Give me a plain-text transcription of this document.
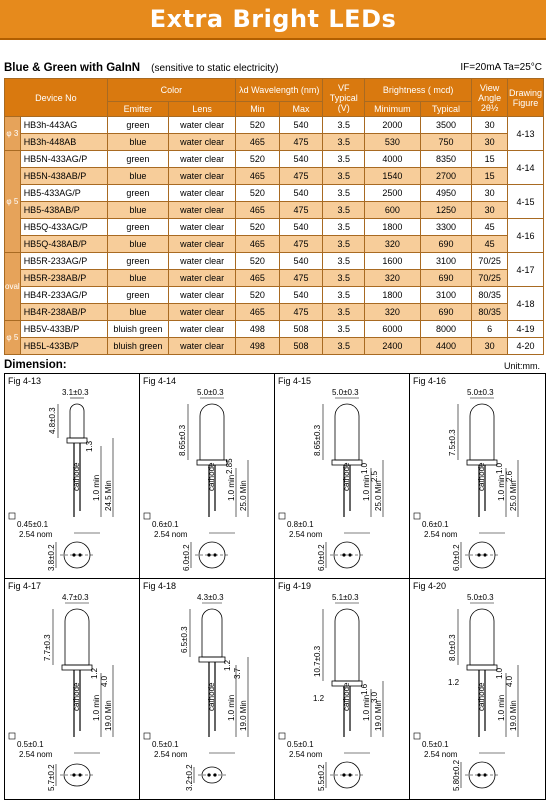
Extra Bright LEDs
Blue & Green with GaInN (sensitive to static electricity)	IF=20mA Ta=25°C
Device No		Color		λd Wavelength (nm)		VF Typical (V)	Brightness ( mcd)		View Angle 2θ½	Drawing Figure
		Emitter	Lens	Min	Max		Minimum	Typical		
φ 3	HB3h-443AG	green	water clear	520	540	3.5	2000	3500	30	4-13
	HB3h-448AB	blue	water clear	465	475	3.5	530	750	30	
φ 5	HB5N-433AG/P	green	water clear	520	540	3.5	4000	8350	15	4-14
	HB5N-438AB/P	blue	water clear	465	475	3.5	1540	2700	15	
	HB5-433AG/P	green	water clear	520	540	3.5	2500	4950	30	4-15
	HB5-438AB/P	blue	water clear	465	475	3.5	600	1250	30	
	HB5Q-433AG/P	green	water clear	520	540	3.5	1800	3300	45	4-16
	HB5Q-438AB/P	blue	water clear	465	475	3.5	320	690	45	
oval	HB5R-233AG/P	green	water clear	520	540	3.5	1600	3100	70/25	4-17
	HB5R-238AB/P	blue	water clear	465	475	3.5	320	690	70/25	
	HB4R-233AG/P	green	water clear	520	540	3.5	1800	3100	80/35	4-18
	HB4R-238AB/P	blue	water clear	465	475	3.5	320	690	80/35	
φ 5	HB5V-433B/P	bluish green	water clear	498	508	3.5	6000	8000	6	4-19
	HB5L-433B/P	bluish green	water clear	498	508	3.5	2400	4400	30	4-20
Dimension:	Unit:mm.
Fig 4-13
3.1±0.3
4.8±0.3
1.3
cathode 1.0 min 24.5 Min
0.45±0.1
2.54 nom
3.8±0.2
Fig 4-14
5.0±0.3
8.65±0.3
2.85
cathode 1.0 min 25.0 Min
0.6±0.1
2.54 nom
6.0±0.2
Fig 4-15
5.0±0.3
8.65±0.3
1.0
2.5
cathode 1.0 min 25.0 Min
0.8±0.1
2.54 nom
6.0±0.2
Fig 4-16
5.0±0.3
7.5±0.3
1.0
2.6
cathode 1.0 min 25.0 Min
0.6±0.1
2.54 nom
6.0±0.2
Fig 4-17
4.7±0.3
7.7±0.3
1.2
4.0
cathode 1.0 min 19.0 Min
0.5±0.1
2.54 nom
5.7±0.2
Fig 4-18
4.3±0.3
6.5±0.3
1.2
3.7
cathode 1.0 min 19.0 Min
0.5±0.1
2.54 nom
3.2±0.2
Fig 4-19
5.1±0.3
10.7±0.3
1.6
3.0
1.2 cathode 1.0 min 19.0 Min
0.5±0.1
2.54 nom
5.5±0.2
Fig 4-20
5.0±0.3
8.0±0.3
1.0
4.0
1.2
cathode 1.0 min 19.0 Min
0.5±0.1
2.54 nom
5.80±0.2
